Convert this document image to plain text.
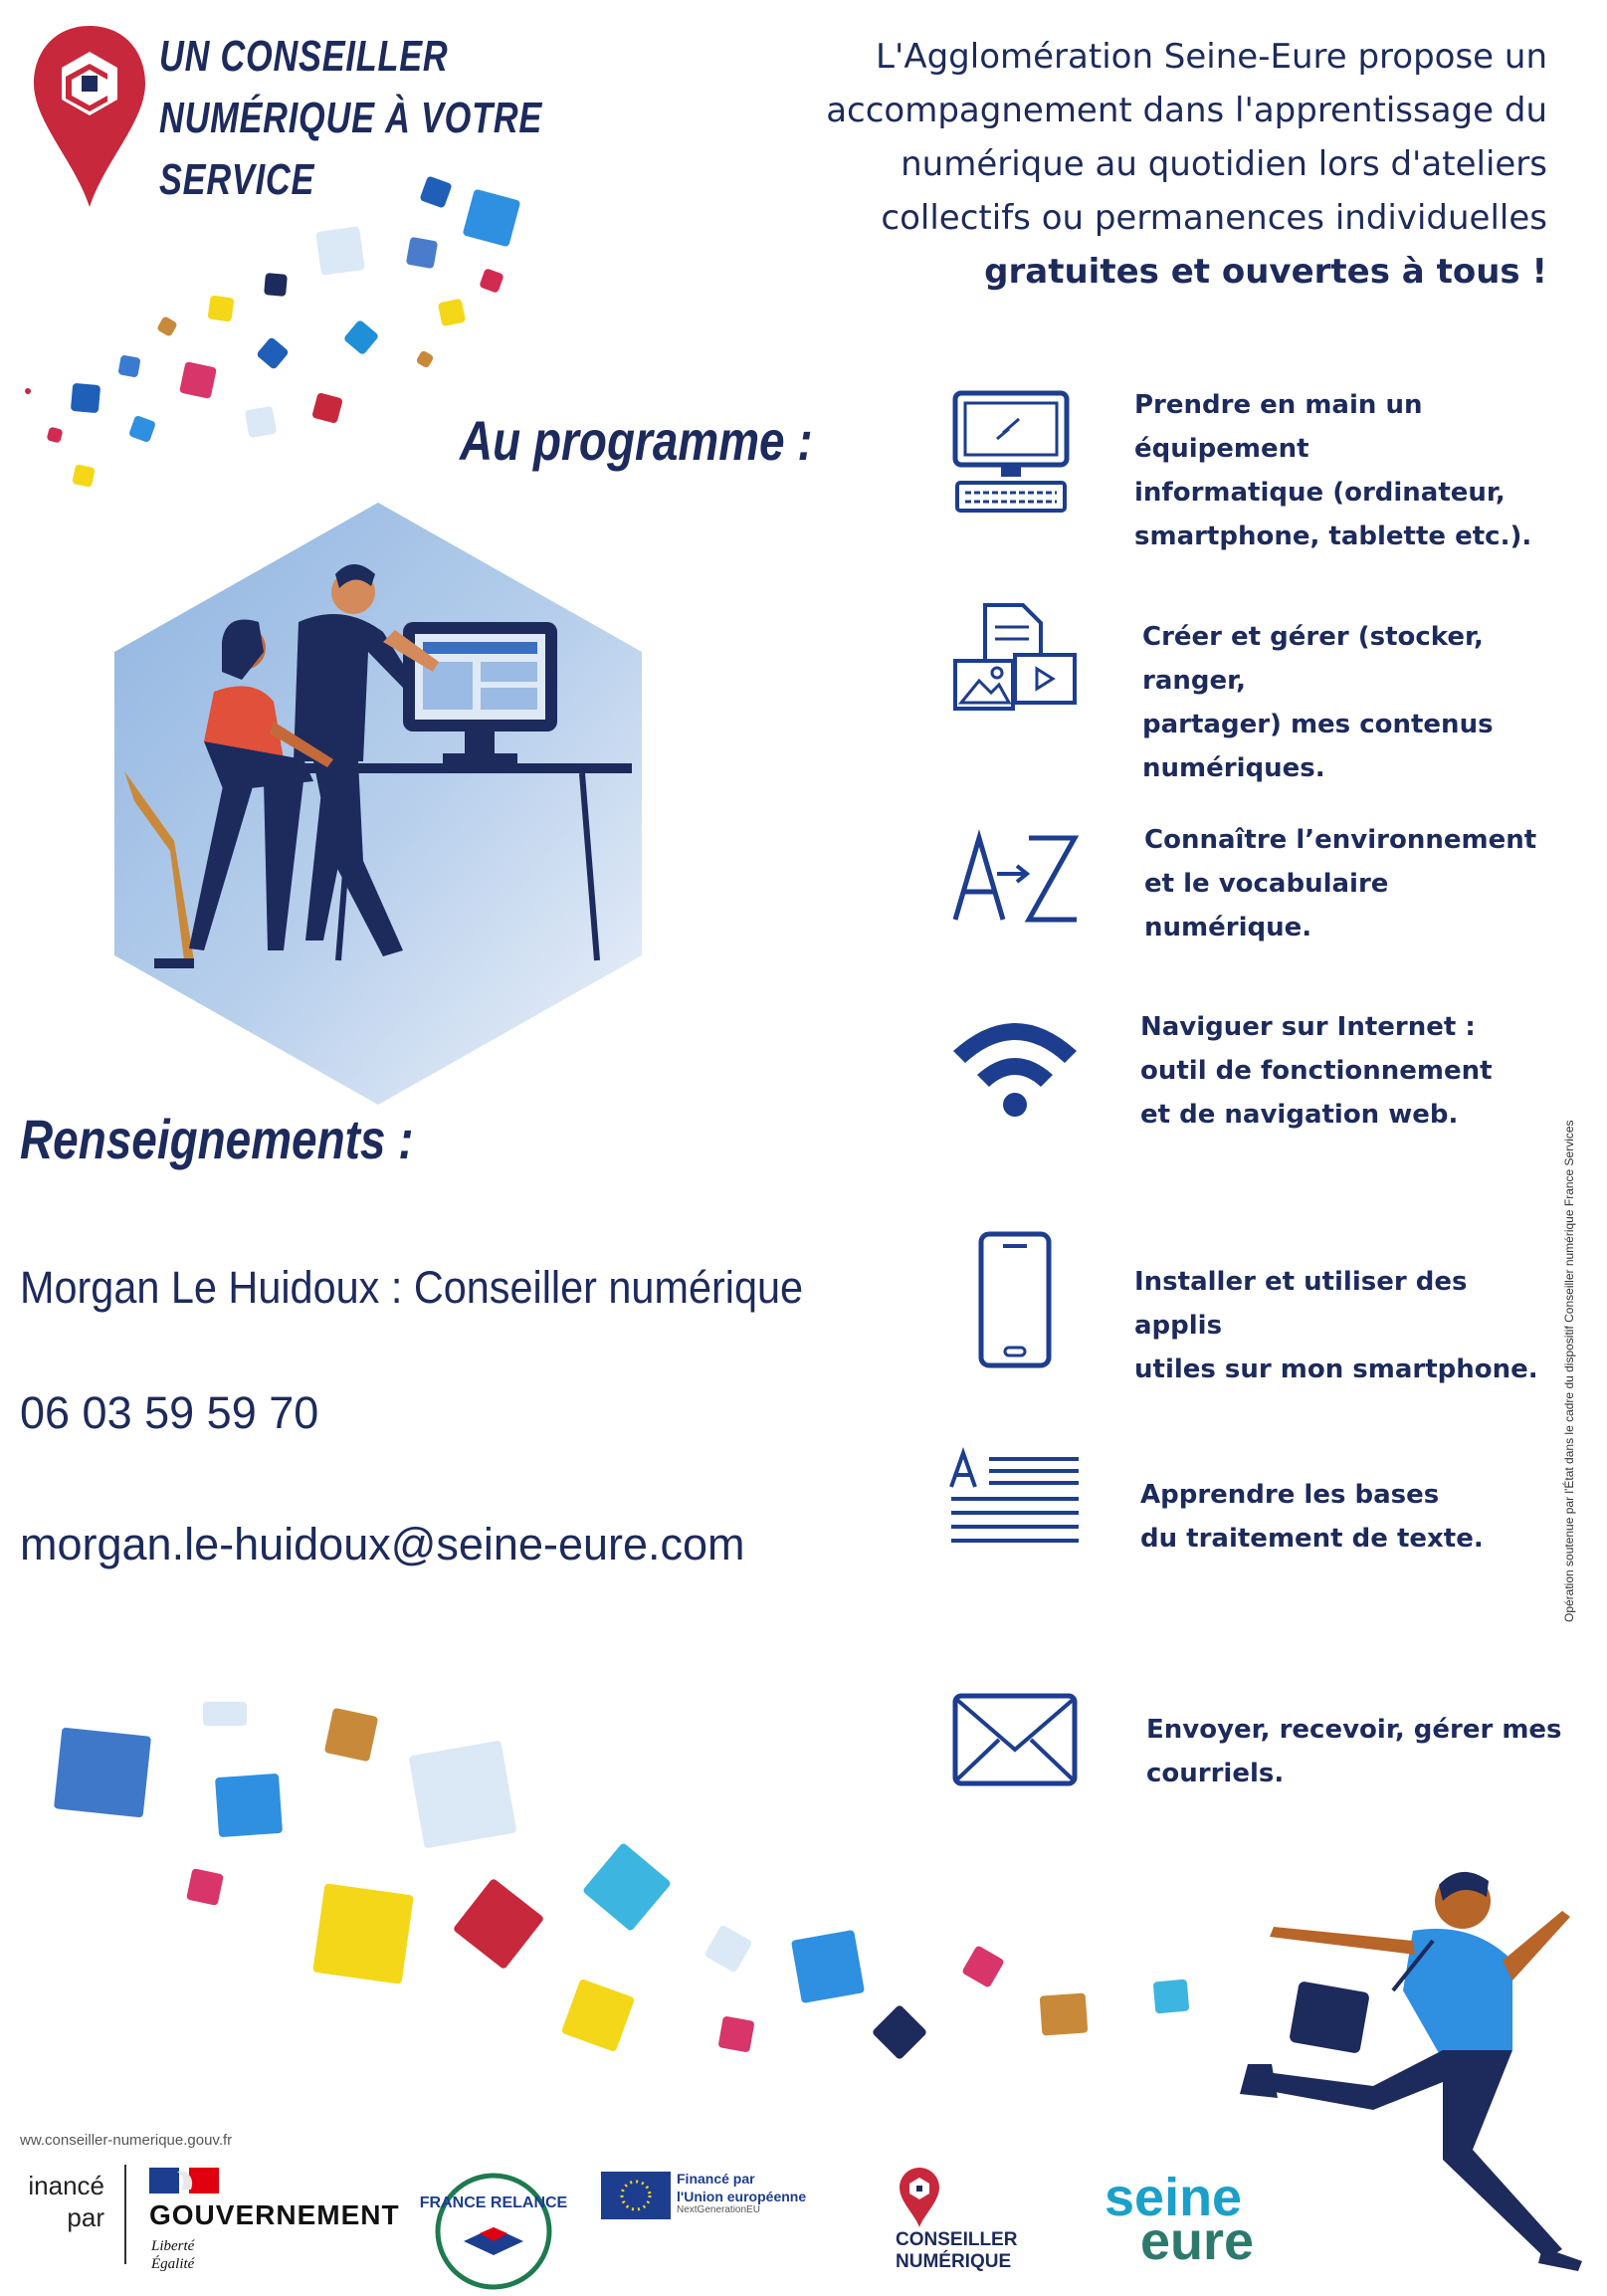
UN CONSEILLER
NUMÉRIQUE À VOTRE
SERVICE
L'Agglomération Seine-Eure propose un
accompagnement dans l'apprentissage du
numérique au quotidien lors d'ateliers
collectifs ou permanences individuelles
gratuites et ouvertes à tous !
Au programme :
Renseignements :
Morgan Le Huidoux : Conseiller numérique
06 03 59 59 70
morgan.le-huidoux@seine-eure.com
Prendre en main un équipement
informatique (ordinateur,
smartphone, tablette etc.).
Créer et gérer (stocker, ranger,
partager) mes contenus
numériques.
Connaître l’environnement
et le vocabulaire numérique.
Naviguer sur Internet :
outil de fonctionnement
et de navigation web.
Installer et utiliser des applis
utiles sur mon smartphone.
Apprendre les bases
du traitement de texte.
Envoyer, recevoir, gérer mes
courriels.
Opération soutenue par l'État dans le cadre du dispositif Conseiller numérique France Services
ww.conseiller-numerique.gouv.fr
inancé
par GOUVERNEMENT
Liberté
Égalité
FRANCE RELANCE
Financé par
l'Union européenne
NextGenerationEU
CONSEILLER
NUMÉRIQUE
seine
eure
